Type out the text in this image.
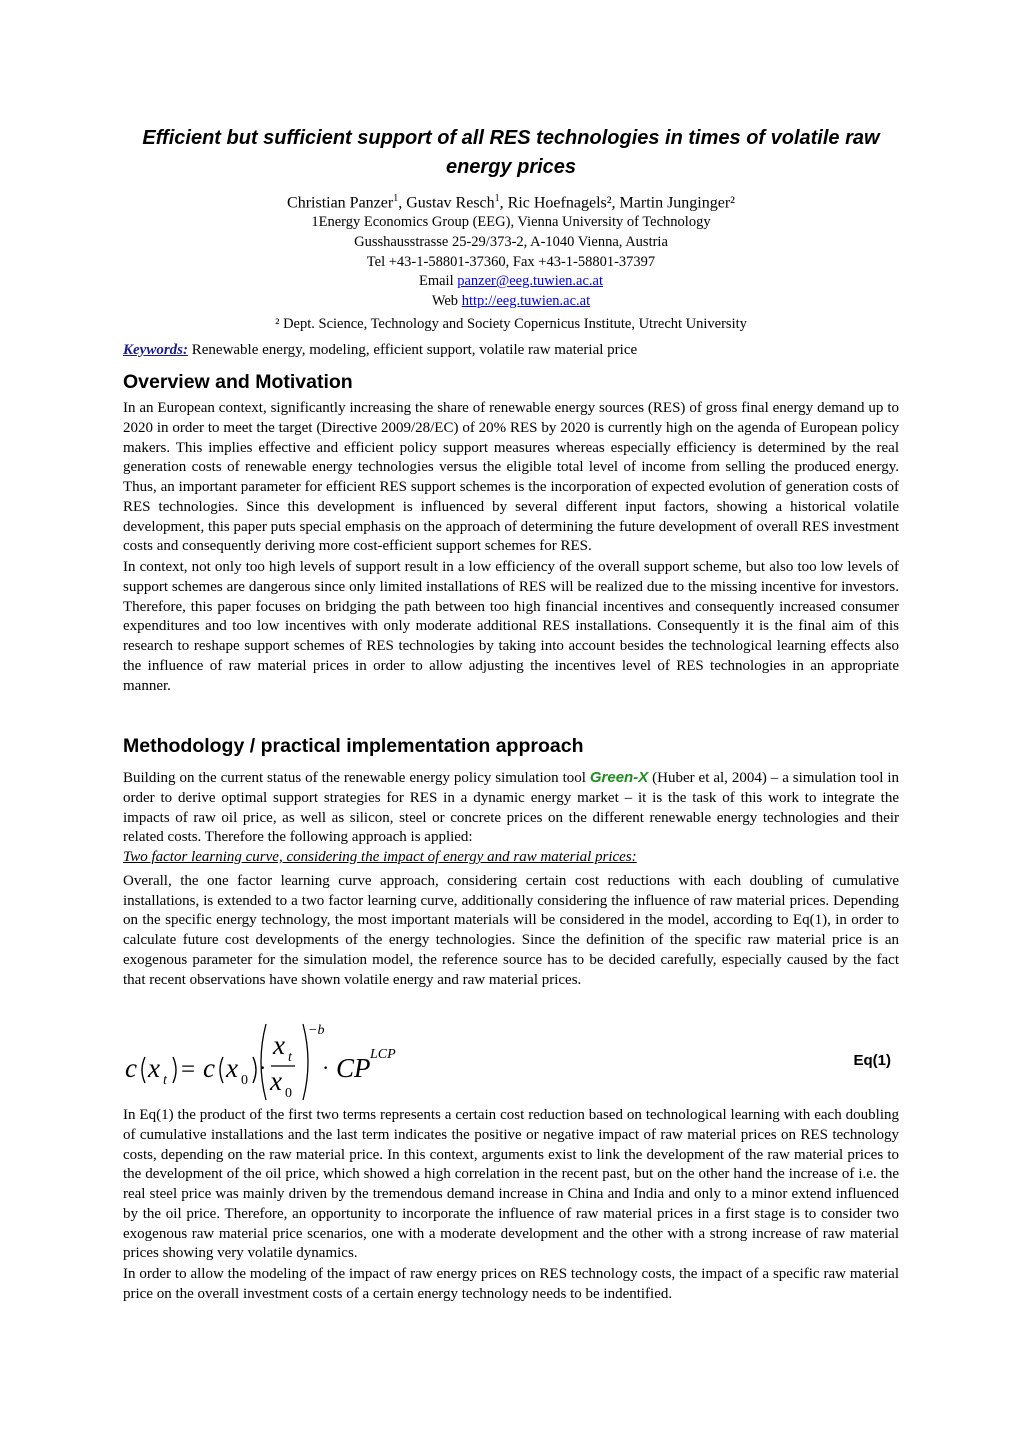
Efficient but sufficient support of all RES technologies in times of volatile raw energy prices

Christian Panzer$^1$, Gustav Resch$^1$, Ric Hoefnagels², Martin Junginger²

1Energy Economics Group (EEG), Vienna University of Technology

Gusshausstrasse 25-29/373-2, A-1040 Vienna, Austria

Tel +43-1-58801-37360, Fax +43-1-58801-37397

Email panzer@eeg.tuwien.ac.at

Web http://eeg.tuwien.ac.at

² Dept. Science, Technology and Society Copernicus Institute, Utrecht University
Keywords: Renewable energy, modeling, efficient support, volatile raw material price
Overview and Motivation

In an European context, significantly increasing the share of renewable energy sources (RES) of gross final energy demand up to 2020 in order to meet the target (Directive 2009/28/EC) of 20% RES by 2020 is currently high on the agenda of European policy makers. This implies effective and efficient policy support measures whereas especially efficiency is determined by the real generation costs of renewable energy technologies versus the eligible total level of income from selling the produced energy. Thus, an important parameter for efficient RES support schemes is the incorporation of expected evolution of generation costs of RES technologies. Since this development is influenced by several different input factors, showing a historical volatile development, this paper puts special emphasis on the approach of determining the future development of overall RES investment costs and consequently deriving more cost-efficient support schemes for RES.

In context, not only too high levels of support result in a low efficiency of the overall support scheme, but also too low levels of support schemes are dangerous since only limited installations of RES will be realized due to the missing incentive for investors. Therefore, this paper focuses on bridging the path between too high financial incentives and consequently increased consumer expenditures and too low incentives with only moderate additional RES installations. Consequently it is the final aim of this research to reshape support schemes of RES technologies by taking into account besides the technological learning effects also the influence of raw material prices in order to allow adjusting the incentives level of RES technologies in an appropriate manner.

Methodology / practical implementation approach

Building on the current status of the renewable energy policy simulation tool Green-X (Huber et al, 2004) – a simulation tool in order to derive optimal support strategies for RES in a dynamic energy market – it is the task of this work to integrate the impacts of raw oil price, as well as silicon, steel or concrete prices on the different renewable energy technologies and their related costs. Therefore the following approach is applied:

Two factor learning curve, considering the impact of energy and raw material prices:

Overall, the one factor learning curve approach, considering certain cost reductions with each doubling of cumulative installations, is extended to a two factor learning curve, additionally considering the influence of raw material prices. Depending on the specific energy technology, the most important materials will be considered in the model, according to Eq(1), in order to calculate future cost developments of the energy technologies. Since the definition of the specific raw material price is an exogenous parameter for the simulation model, the reference source has to be decided carefully, especially caused by the fact that recent observations have shown volatile energy and raw material prices.

c x t = c x 0
·
x t
x 0
−b
· CP LCP	Eq(1)

In Eq(1) the product of the first two terms represents a certain cost reduction based on technological learning with each doubling of cumulative installations and the last term indicates the positive or negative impact of raw material prices on RES technology costs, depending on the raw material price. In this context, arguments exist to link the development of the raw material prices to the development of the oil price, which showed a high correlation in the recent past, but on the other hand the increase of i.e. the real steel price was mainly driven by the tremendous demand increase in China and India and only to a minor extend influenced by the oil price. Therefore, an opportunity to incorporate the influence of raw material prices in a first stage is to consider two exogenous raw material price scenarios, one with a moderate development and the other with a strong increase of raw material prices showing very volatile dynamics.

In order to allow the modeling of the impact of raw energy prices on RES technology costs, the impact of a specific raw material price on the overall investment costs of a certain energy technology needs to be indentified.
